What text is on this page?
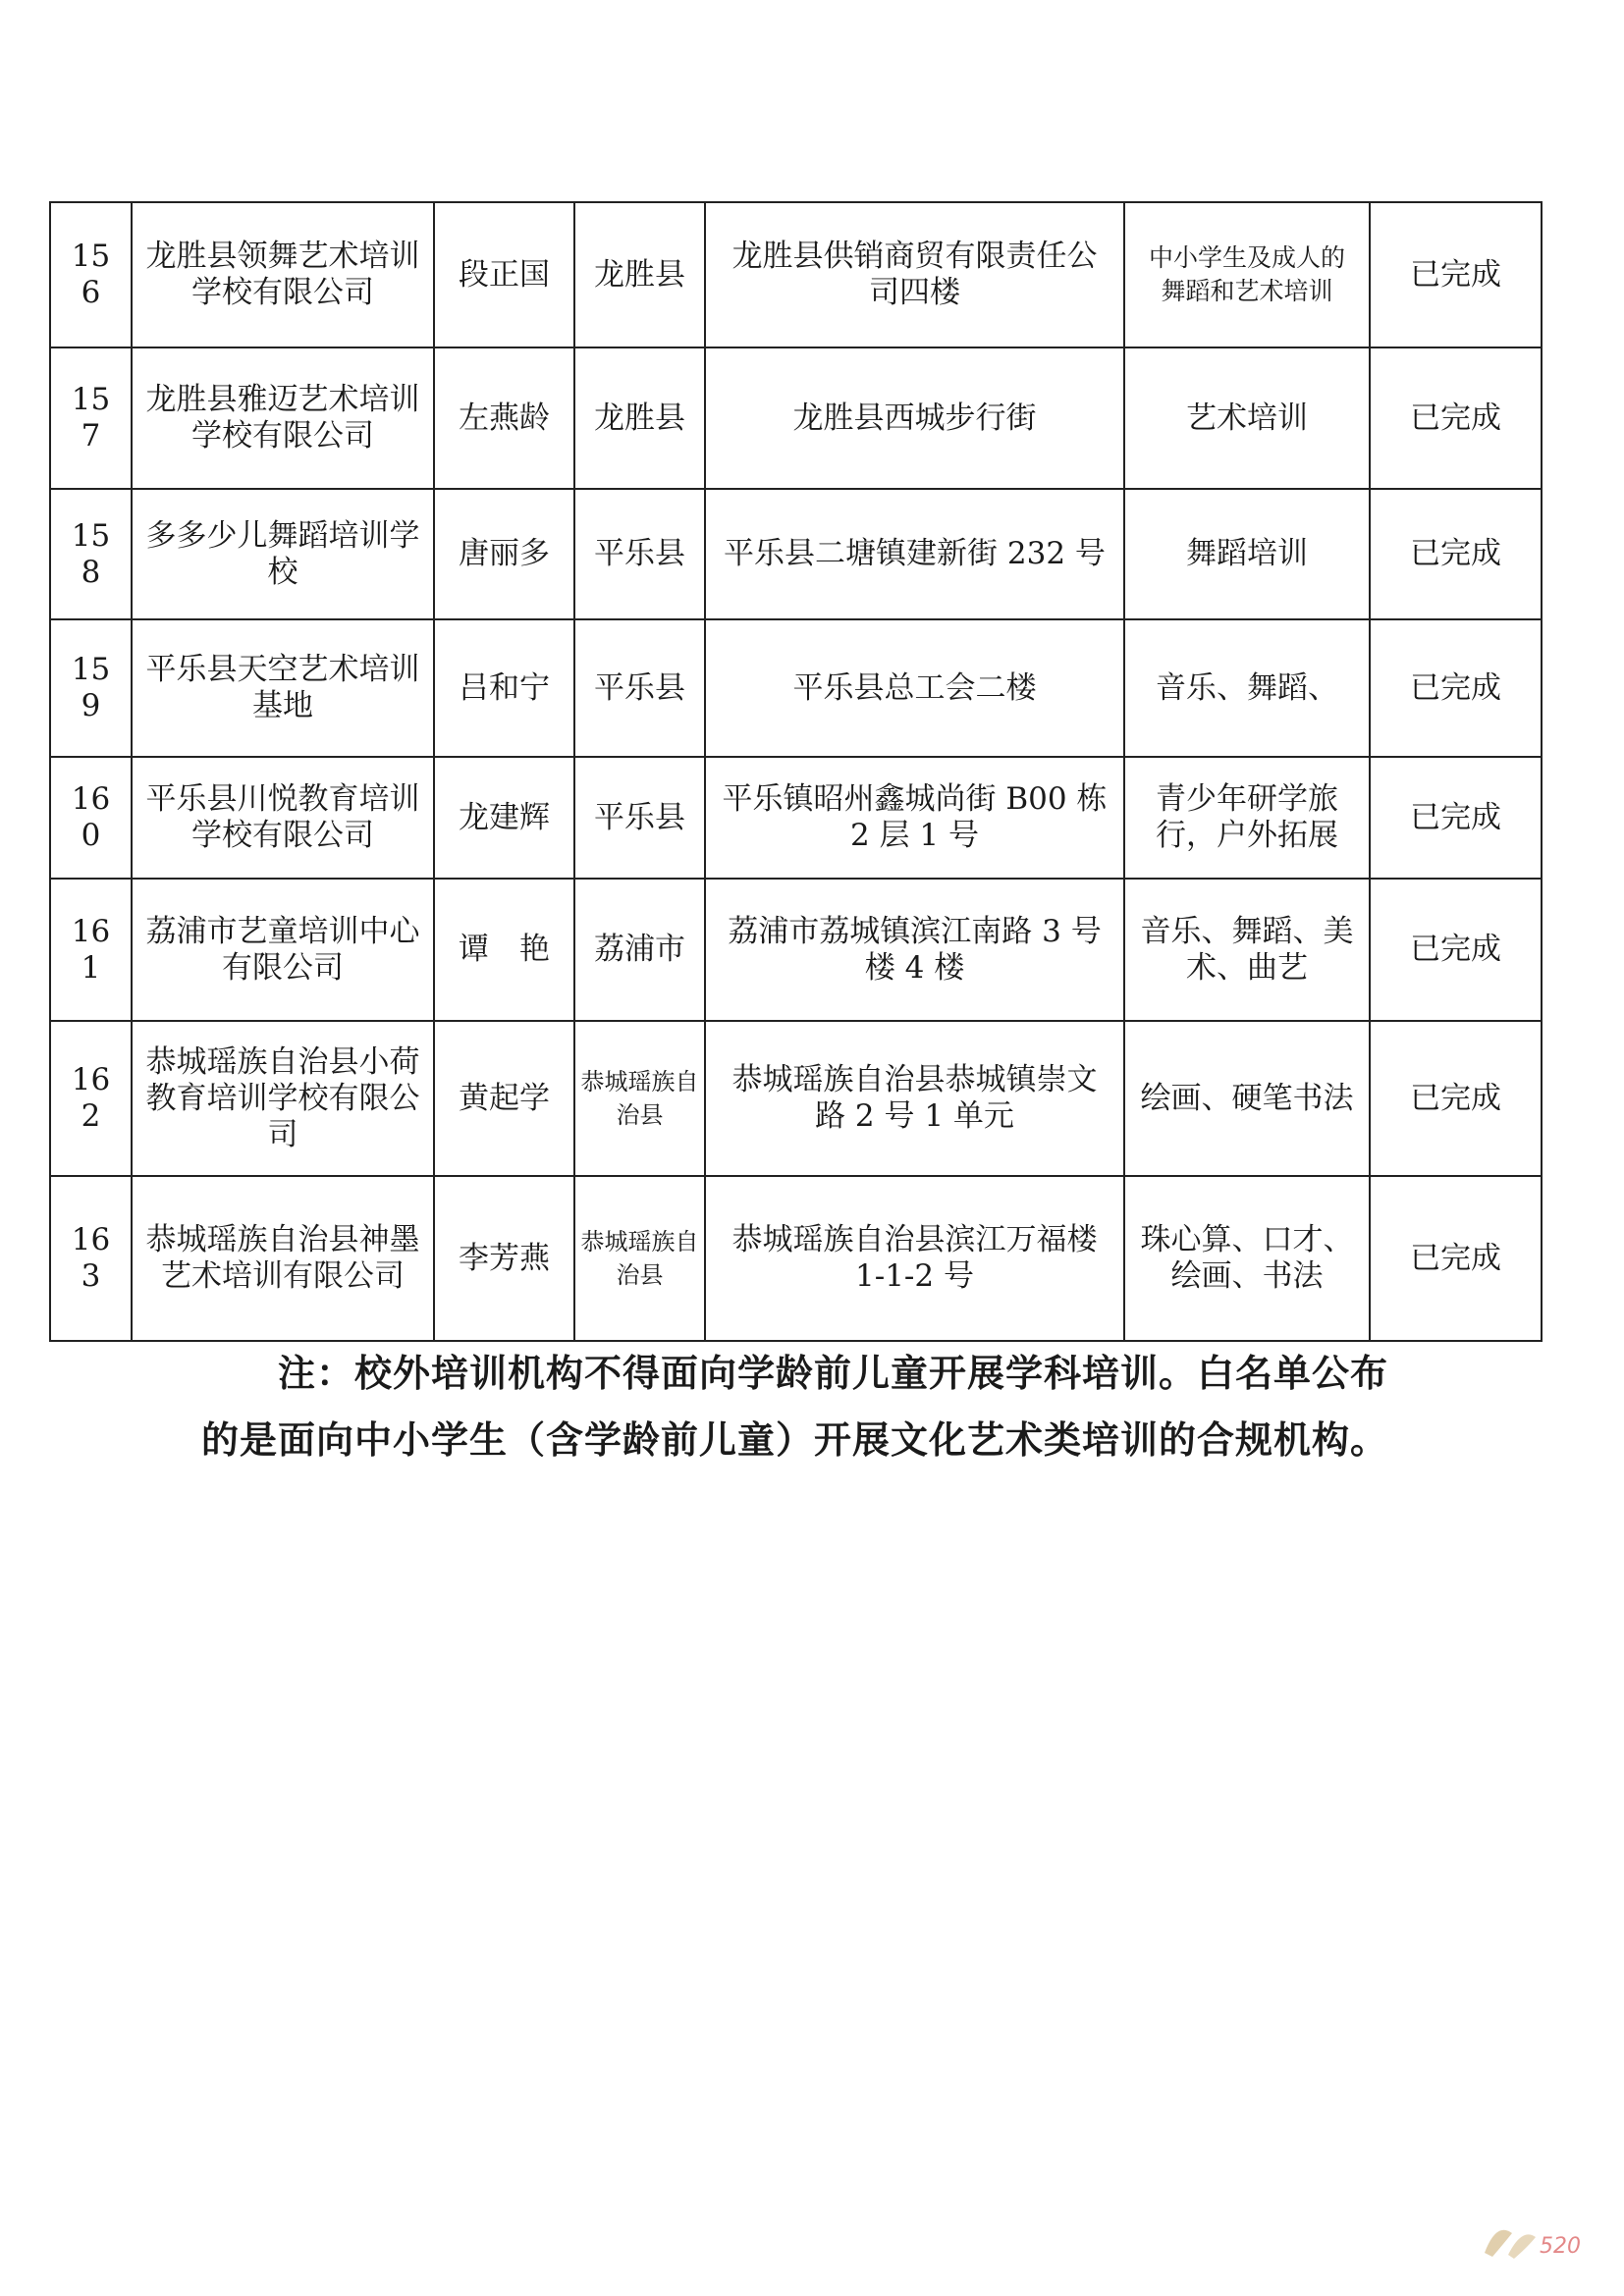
156	龙胜县领舞艺术培训学校有限公司	段正国	龙胜县	龙胜县供销商贸有限责任公司四楼	中小学生及成人的舞蹈和艺术培训	已完成
157	龙胜县雅迈艺术培训学校有限公司	左燕龄	龙胜县	龙胜县西城步行街	艺术培训	已完成
158	多多少儿舞蹈培训学校	唐丽多	平乐县	平乐县二塘镇建新街 232 号	舞蹈培训	已完成
159	平乐县天空艺术培训基地	吕和宁	平乐县	平乐县总工会二楼	音乐、舞蹈、	已完成
160	平乐县川悦教育培训学校有限公司	龙建辉	平乐县	平乐镇昭州鑫城尚街 B00 栋 2 层 1 号	青少年研学旅行，户外拓展	已完成
161	荔浦市艺童培训中心有限公司	谭　艳	荔浦市	荔浦市荔城镇滨江南路 3 号楼 4 楼	音乐、舞蹈、美术、曲艺	已完成
162	恭城瑶族自治县小荷教育培训学校有限公司	黄起学	恭城瑶族自治县	恭城瑶族自治县恭城镇崇文路 2 号 1 单元	绘画、硬笔书法	已完成
163	恭城瑶族自治县神墨艺术培训有限公司	李芳燕	恭城瑶族自治县	恭城瑶族自治县滨江万福楼 1-1-2 号	珠心算、口才、绘画、书法	已完成

注：校外培训机构不得面向学龄前儿童开展学科培训。白名单公布的是面向中小学生（含学龄前儿童）开展文化艺术类培训的合规机构。

520
